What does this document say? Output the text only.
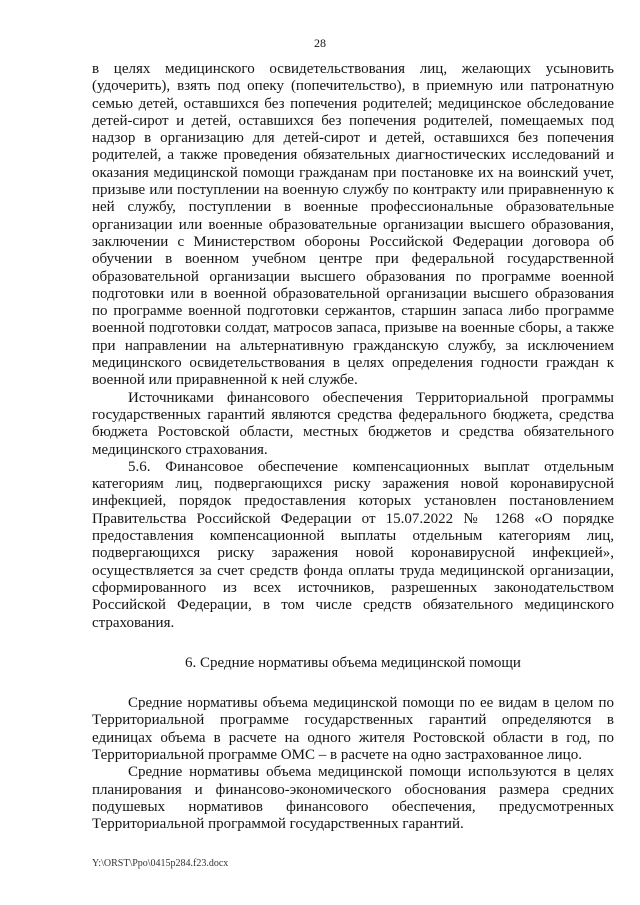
28

в целях медицинского освидетельствования лиц, желающих усыновить (удочерить), взять под опеку (попечительство), в приемную или патронатную семью детей, оставшихся без попечения родителей; медицинское обследование детей-сирот и детей, оставшихся без попечения родителей, помещаемых под надзор в организацию для детей-сирот и детей, оставшихся без попечения родителей, а также проведения обязательных диагностических исследований и оказания медицинской помощи гражданам при постановке их на воинский учет, призыве или поступлении на военную службу по контракту или приравненную к ней службу, поступлении в военные профессиональные образовательные организации или военные образовательные организации высшего образования, заключении с Министерством обороны Российской Федерации договора об обучении в военном учебном центре при федеральной государственной образовательной организации высшего образования по программе военной подготовки или в военной образовательной организации высшего образования по программе военной подготовки сержантов, старшин запаса либо программе военной подготовки солдат, матросов запаса, призыве на военные сборы, а также при направлении на альтернативную гражданскую службу, за исключением медицинского освидетельствования в целях определения годности граждан к военной или приравненной к ней службе.

Источниками финансового обеспечения Территориальной программы государственных гарантий являются средства федерального бюджета, средства бюджета Ростовской области, местных бюджетов и средства обязательного медицинского страхования.

5.6. Финансовое обеспечение компенсационных выплат отдельным категориям лиц, подвергающихся риску заражения новой коронавирусной инфекцией, порядок предоставления которых установлен постановлением Правительства Российской Федерации от 15.07.2022 № 1268 «О порядке предоставления компенсационной выплаты отдельным категориям лиц, подвергающихся риску заражения новой коронавирусной инфекцией», осуществляется за счет средств фонда оплаты труда медицинской организации, сформированного из всех источников, разрешенных законодательством Российской Федерации, в том числе средств обязательного медицинского страхования.

6. Средние нормативы объема медицинской помощи

Средние нормативы объема медицинской помощи по ее видам в целом по Территориальной программе государственных гарантий определяются в единицах объема в расчете на одного жителя Ростовской области в год, по Территориальной программе ОМС – в расчете на одно застрахованное лицо.

Средние нормативы объема медицинской помощи используются в целях планирования и финансово-экономического обоснования размера средних подушевых нормативов финансового обеспечения, предусмотренных Территориальной программой государственных гарантий.

Y:\ORST\Ppo\0415p284.f23.docx
